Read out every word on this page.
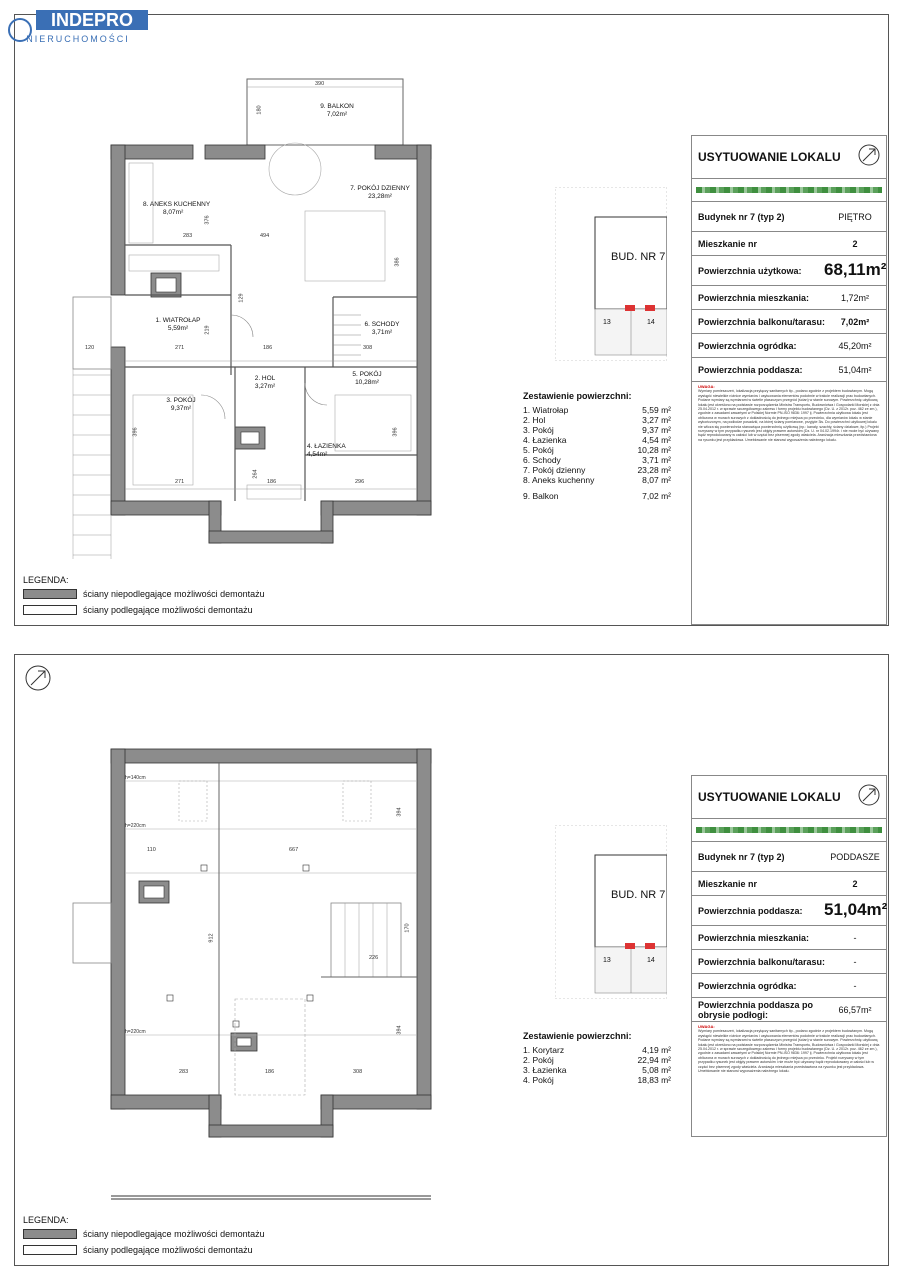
9. BALKON
7,02m²
8. ANEKS KUCHENNY
8,07m²
7. POKÓJ DZIENNY
23,28m²
1. WIATROŁAP
5,59m²
6. SCHODY
3,71m²
2. HOL
3,27m²
3. POKÓJ
9,37m²
5. POKÓJ
10,28m²
4. ŁAZIENKA
4,54m²
390
180
283	494
386
120	271	186	308
271	186	296
396	396
129
219
264
376
BUD. NR 7
13	14
Zestawienie powierzchni:
1. Wiatrołap	5,59 m²
2. Hol	3,27 m²
3. Pokój	9,37 m²
4. Łazienka	4,54 m²
5. Pokój	10,28 m²
6. Schody	3,71 m²
7. Pokój dzienny	23,28 m²
8. Aneks kuchenny	8,07 m²
9. Balkon	7,02 m²
USYTUOWANIE LOKALU
Budynek nr 7 (typ 2)	PIĘTRO
Mieszkanie nr	2
Powierzchnia użytkowa: 68,11m²
Powierzchnia mieszkania:	1,72m²
Powierzchnia balkonu/tarasu:	7,02m²
Powierzchnia ogródka:	45,20m²
Powierzchnia poddasza:	51,04m²
UWAGA:
Wymiary pomieszczeń, lokalizacja przyłączy sanitarnych itp., podano zgodnie z projektem budowlanym. Mogą wystąpić niewielkie różnice wymiarów i usytuowania elementów podobnie w trakcie realizacji prac budowlanych. Podane wymiary są wymiarami w świetle płaszczyzn przegród (ścian) w stanie surowym. Powierzchnię użytkową lokalu jest określono na podstawie rozporządzenia Ministra Transportu, Budownictwa i Gospodarki Morskiej z dnia 25.04.2012 r. w sprawie szczegółowego zakresu i formy projektu budowlanego (Dz. U. z 2012r. poz. 462 ze zm.), zgodnie z zasadami zawartymi w Polskiej Normie PN-ISO 9836: 1997 ij. Powierzchnia użytkowa lokalu jest obliczona w murach surowych z dokładnością do jednego miejsca po przecinku, dla wymiarów lokalu w stanie wykończonym, na podłodze posadzki, na której ściany pomiarowe, przyjęte 3is. Do powierzchni użytkowej lokalu nie wlicza się powierzchnia stanowiąca powierzchnię użytkową (np.: kanały, szachty, ściany działowe, itp.) Projekt rozrysany w tym przypadku rysunek jest objęty prawem autorskim (Dz. U. nr 04.02.1994r. i nie może być używany bądź reprodukowany w całości lub w części bez pisemnej zgody właściela. Aranżacja mieszkania przedstawiona na rysunku jest przykładowa. Umeblowanie nie stanowi wyposażenia należnego lokalu.
LEGENDA:
ściany niepodlegające możliwości demontażu
ściany podlegające możliwości demontażu
INDEPRO
NIERUCHOMOŚCI
h=140cm
h=220cm
h=220cm
110	667
912
394
394
170
226
283	186	308
BUD. NR 7
13	14
Zestawienie powierzchni:
1. Korytarz	4,19 m²
2. Pokój	22,94 m²
3. Łazienka	5,08 m²
4. Pokój	18,83 m²
USYTUOWANIE LOKALU
Budynek nr 7 (typ 2)	PODDASZE
Mieszkanie nr	2
Powierzchnia poddasza: 51,04m²
Powierzchnia mieszkania:	-
Powierzchnia balkonu/tarasu:	-
Powierzchnia ogródka:	-
Powierzchnia poddasza po obrysie podłogi:	66,57m²
UWAGA:
Wymiary pomieszczeń, lokalizacja przyłączy sanitarnych itp., podano zgodnie z projektem budowlanym. Mogą wystąpić niewielkie różnice wymiarów i usytuowania elementów podobnie w trakcie realizacji prac budowlanych. Podane wymiary są wymiarami w świetle płaszczyzn przegród (ścian) w stanie surowym. Powierzchnię użytkową lokalu jest określono na podstawie rozporządzenia Ministra Transportu, Budownictwa i Gospodarki Morskiej z dnia 25.04.2012 r. w sprawie szczegółowego zakresu i formy projektu budowlanego (Dz. U. z 2012r. poz. 462 ze zm.), zgodnie z zasadami zawartymi w Polskiej Normie PN-ISO 9836: 1997 ij. Powierzchnia użytkowa lokalu jest obliczona w murach surowych z dokładnością do jednego miejsca po przecinku. Projekt rozrysany w tym przypadku rysunek jest objęty prawem autorskim i nie może być używany bądź reprodukowany w całości lub w części bez pisemnej zgody właściela. Aranżacja mieszkania przedstawiona na rysunku jest przykładowa. Umeblowanie nie stanowi wyposażenia należnego lokalu.
LEGENDA:
ściany niepodlegające możliwości demontażu
ściany podlegające możliwości demontażu
